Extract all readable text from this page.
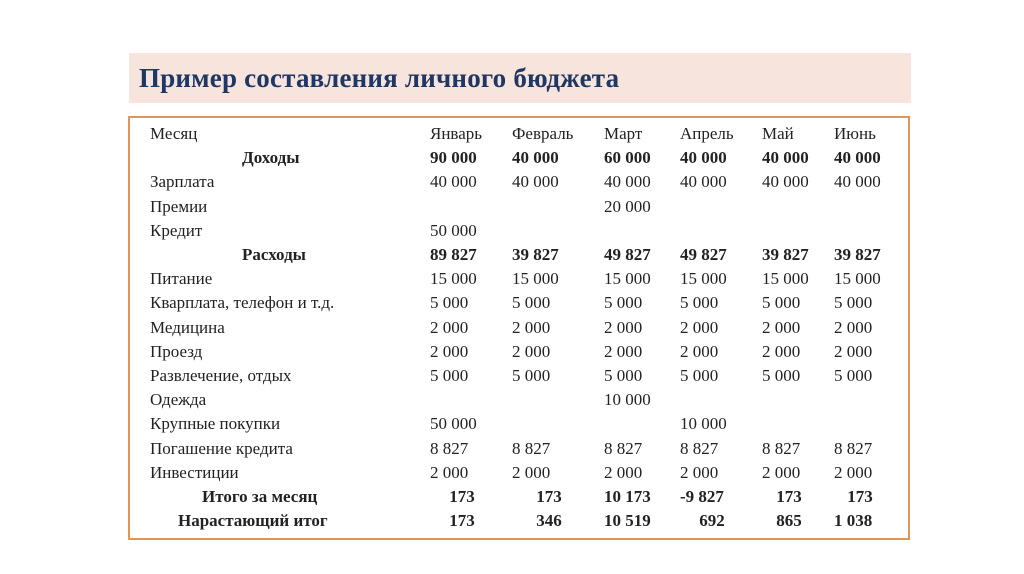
Пример составления личного бюджета
Месяц	Январь	Февраль	Март	Апрель	Май	Июнь
Доходы	90 000	40 000	60 000	40 000	40 000	40 000
Зарплата	40 000	40 000	40 000	40 000	40 000	40 000
Премии			20 000			
Кредит	50 000					
Расходы	89 827	39 827	49 827	49 827	39 827	39 827
Питание	15 000	15 000	15 000	15 000	15 000	15 000
Кварплата, телефон и т.д.	5 000	5 000	5 000	5 000	5 000	5 000
Медицина	2 000	2 000	2 000	2 000	2 000	2 000
Проезд	2 000	2 000	2 000	2 000	2 000	2 000
Развлечение, отдых	5 000	5 000	5 000	5 000	5 000	5 000
Одежда			10 000			
Крупные покупки	50 000			10 000		
Погашение кредита	8 827	8 827	8 827	8 827	8 827	8 827
Инвестиции	2 000	2 000	2 000	2 000	2 000	2 000
Итого за месяц	173	173	10 173	-9 827	173	173
Нарастающий итог	173	346	10 519	692	865	1 038
